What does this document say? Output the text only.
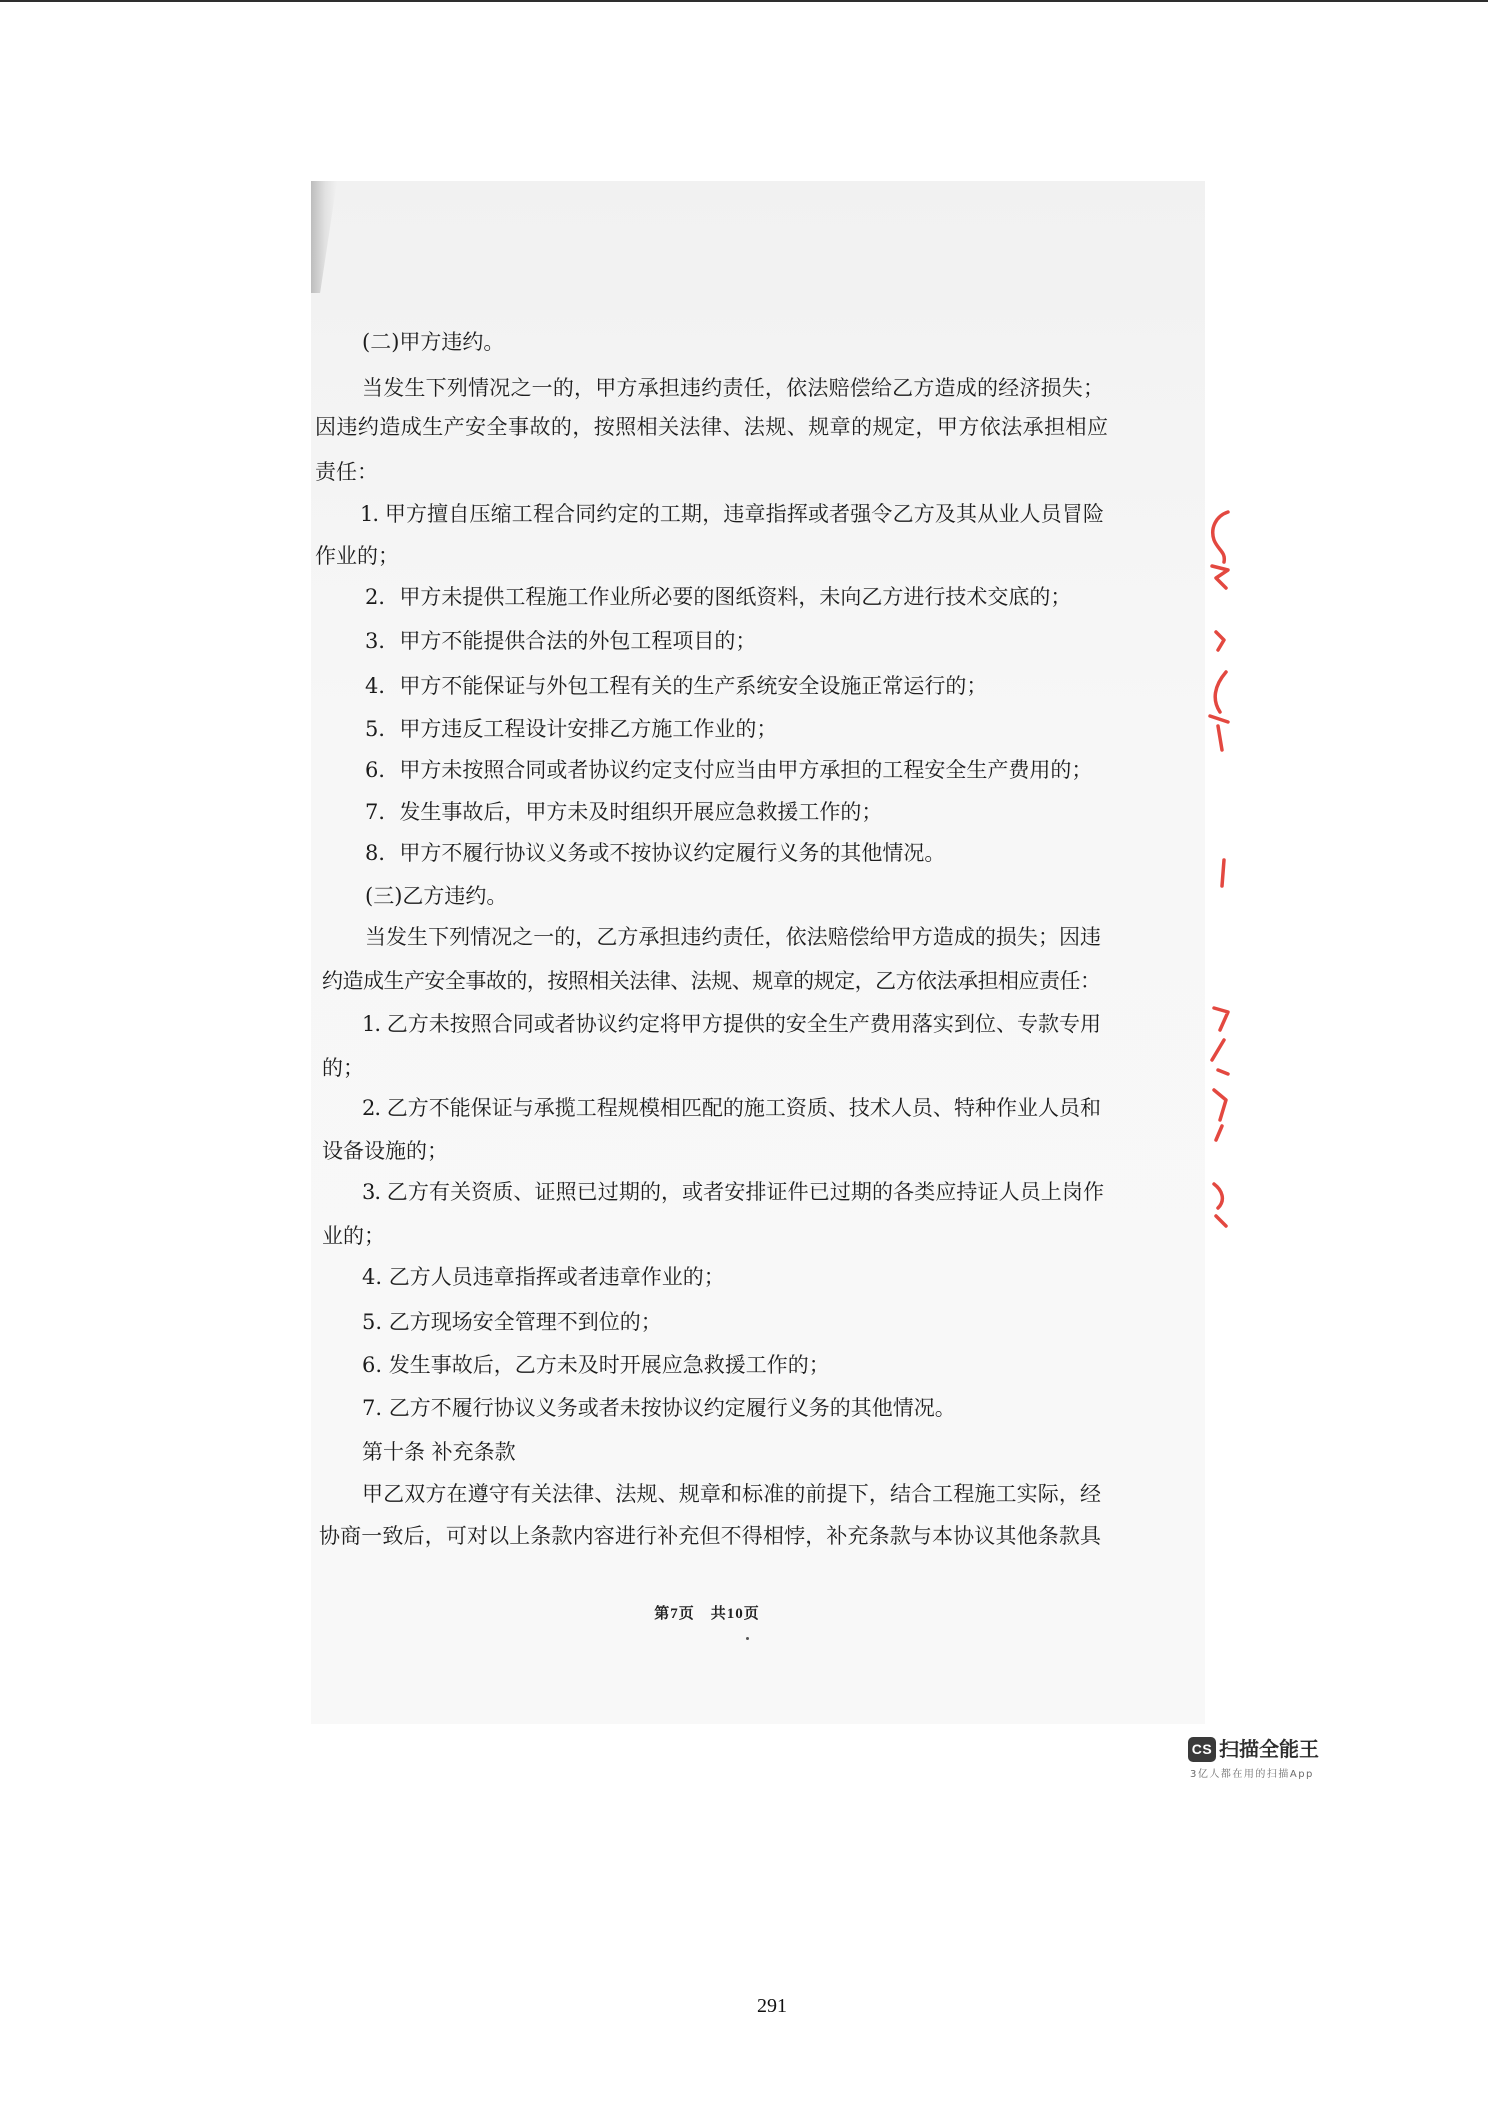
(二)甲方违约。
当发生下列情况之一的，甲方承担违约责任，依法赔偿给乙方造成的经济损失；
因违约造成生产安全事故的，按照相关法律、法规、规章的规定，甲方依法承担相应
责任：
1. 甲方擅自压缩工程合同约定的工期，违章指挥或者强令乙方及其从业人员冒险
作业的；
2．甲方未提供工程施工作业所必要的图纸资料，未向乙方进行技术交底的；
3．甲方不能提供合法的外包工程项目的；
4．甲方不能保证与外包工程有关的生产系统安全设施正常运行的；
5．甲方违反工程设计安排乙方施工作业的；
6．甲方未按照合同或者协议约定支付应当由甲方承担的工程安全生产费用的；
7．发生事故后，甲方未及时组织开展应急救援工作的；
8．甲方不履行协议义务或不按协议约定履行义务的其他情况。
(三)乙方违约。
当发生下列情况之一的，乙方承担违约责任，依法赔偿给甲方造成的损失；因违
约造成生产安全事故的，按照相关法律、法规、规章的规定，乙方依法承担相应责任：
1. 乙方未按照合同或者协议约定将甲方提供的安全生产费用落实到位、专款专用
的；
2. 乙方不能保证与承揽工程规模相匹配的施工资质、技术人员、特种作业人员和
设备设施的；
3. 乙方有关资质、证照已过期的，或者安排证件已过期的各类应持证人员上岗作
业的；
4. 乙方人员违章指挥或者违章作业的；
5. 乙方现场安全管理不到位的；
6. 发生事故后，乙方未及时开展应急救援工作的；
7. 乙方不履行协议义务或者未按协议约定履行义务的其他情况。
第十条 补充条款
甲乙双方在遵守有关法律、法规、规章和标准的前提下，结合工程施工实际，经
协商一致后，可对以上条款内容进行补充但不得相悖，补充条款与本协议其他条款具
第7页　共10页
CS 扫描全能王
3亿人都在用的扫描App
291
